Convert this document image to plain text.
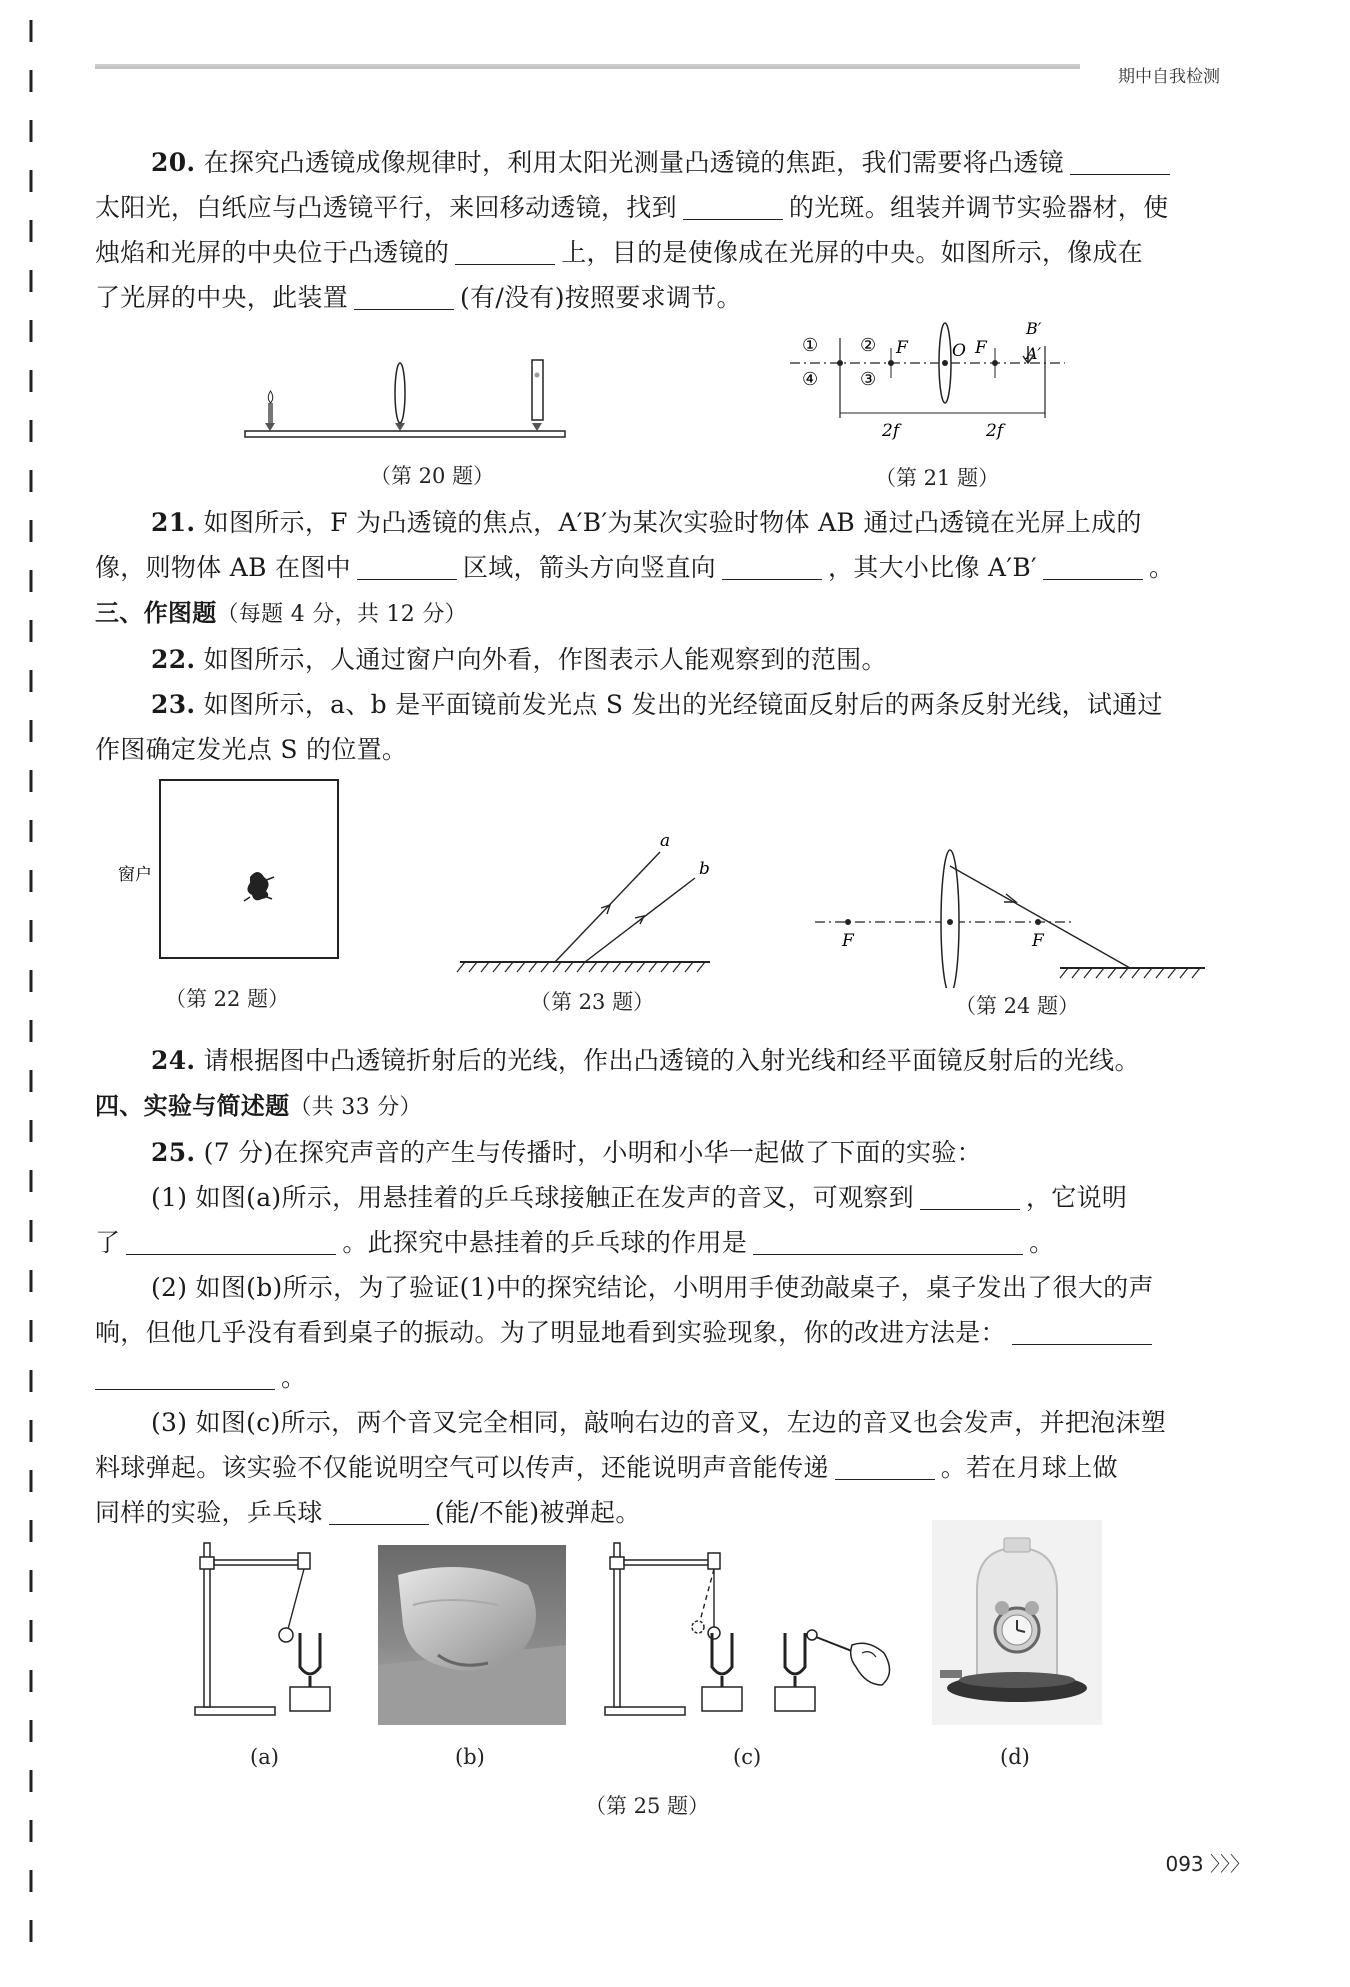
期中自我检测

20. 在探究凸透镜成像规律时，利用太阳光测量凸透镜的焦距，我们需要将凸透镜

太阳光，白纸应与凸透镜平行，来回移动透镜，找到	的光斑。组装并调节实验器材，使

烛焰和光屏的中央位于凸透镜的	上，目的是使像成在光屏的中央。如图所示，像成在

了光屏的中央，此装置	(有/没有)按照要求调节。

（第 20 题）
①
④
②
③
F	O F
B′
A′
2f	2f
（第 21 题）

21. 如图所示，F 为凸透镜的焦点，A′B′为某次实验时物体 AB 通过凸透镜在光屏上成的

像，则物体 AB 在图中	区域，箭头方向竖直向	，其大小比像 A′B′	。

三、作图题（每题 4 分，共 12 分）

22. 如图所示，人通过窗户向外看，作图表示人能观察到的范围。

23. 如图所示，a、b 是平面镜前发光点 S 发出的光经镜面反射后的两条反射光线，试通过

作图确定发光点 S 的位置。

窗户
（第 22 题）
a
b
（第 23 题）
F	F
（第 24 题）

24. 请根据图中凸透镜折射后的光线，作出凸透镜的入射光线和经平面镜反射后的光线。

四、实验与简述题（共 33 分）

25. (7 分)在探究声音的产生与传播时，小明和小华一起做了下面的实验：

(1) 如图(a)所示，用悬挂着的乒乓球接触正在发声的音叉，可观察到	，它说明

了	。此探究中悬挂着的乒乓球的作用是	。

(2) 如图(b)所示，为了验证(1)中的探究结论，小明用手使劲敲桌子，桌子发出了很大的声

响，但他几乎没有看到桌子的振动。为了明显地看到实验现象，你的改进方法是：

。

(3) 如图(c)所示，两个音叉完全相同，敲响右边的音叉，左边的音叉也会发声，并把泡沫塑

料球弹起。该实验不仅能说明空气可以传声，还能说明声音能传递	。若在月球上做

同样的实验，乒乓球	(能/不能)被弹起。

(a)	(b)	(c)	(d)
（第 25 题）
093 〉〉〉
